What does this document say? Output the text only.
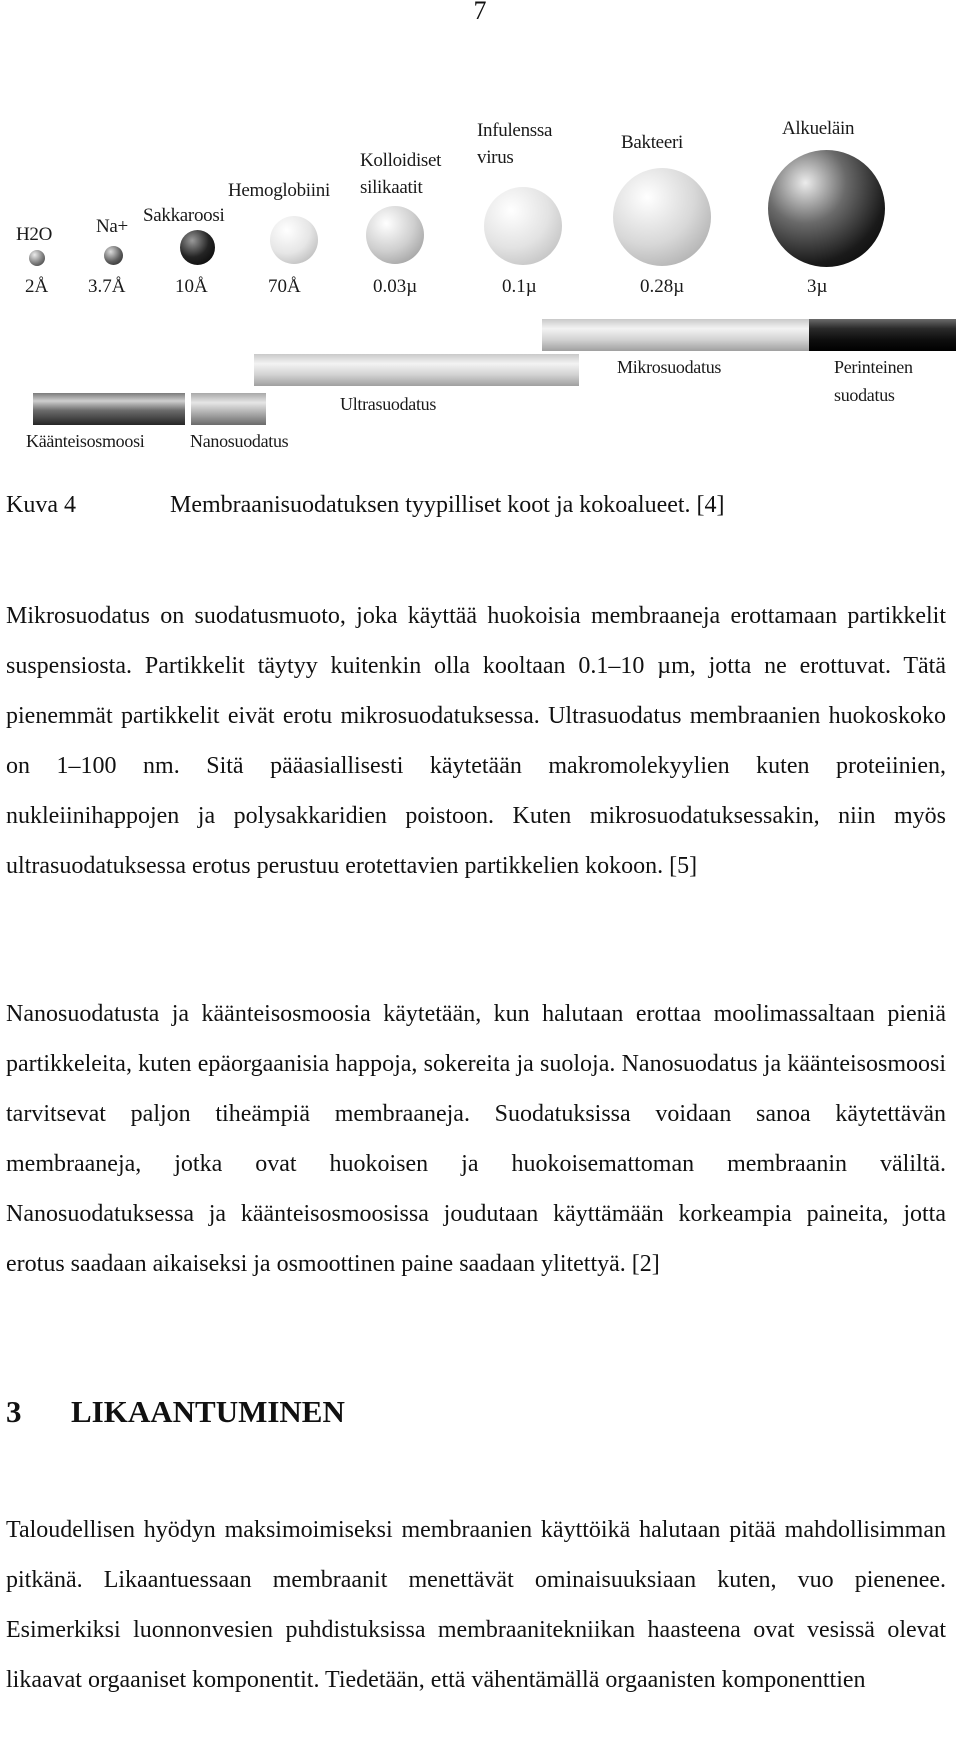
7
H2O Na+
Sakkaroosi
Hemoglobiini
Kolloidiset
silikaatit
Infulenssa
virus
Bakteeri
Alkueläin
2Å 3.7Å	10Å	70Å	0.03µ	0.1µ	0.28µ	3µ
Käänteisosmoosi	Nanosuodatus
Ultrasuodatus
Mikrosuodatus	Perinteinen
suodatus
Kuva 4	Membraanisuodatuksen tyypilliset koot ja kokoalueet. [4]

Mikrosuodatus on suodatusmuoto, joka käyttää huokoisia membraaneja erottamaan partikkelit suspensiosta. Partikkelit täytyy kuitenkin olla kooltaan 0.1–10 µm, jotta ne erottuvat. Tätä pienemmät partikkelit eivät erotu mikrosuodatuksessa. Ultrasuodatus membraanien huokoskoko on 1–100 nm. Sitä pääasiallisesti käytetään makromolekyylien kuten proteiinien, nukleiinihappojen ja polysakkaridien poistoon. Kuten mikrosuodatuksessakin, niin myös ultrasuodatuksessa erotus perustuu erotettavien partikkelien kokoon. [5]

Nanosuodatusta ja käänteisosmoosia käytetään, kun halutaan erottaa moolimassaltaan pieniä partikkeleita, kuten epäorgaanisia happoja, sokereita ja suoloja. Nanosuodatus ja käänteisosmoosi tarvitsevat paljon tiheämpiä membraaneja. Suodatuksissa voidaan sanoa käytettävän membraaneja, jotka ovat huokoisen ja huokoisemattoman membraanin väliltä. Nanosuodatuksessa ja käänteisosmoosissa joudutaan käyttämään korkeampia paineita, jotta erotus saadaan aikaiseksi ja osmoottinen paine saadaan ylitettyä. [2]

3 LIKAANTUMINEN

Taloudellisen hyödyn maksimoimiseksi membraanien käyttöikä halutaan pitää mahdollisimman pitkänä. Likaantuessaan membraanit menettävät ominaisuuksiaan kuten, vuo pienenee. Esimerkiksi luonnonvesien puhdistuksissa membraanitekniikan haasteena ovat vesissä olevat likaavat orgaaniset komponentit. Tiedetään, että vähentämällä orgaanisten komponenttien
